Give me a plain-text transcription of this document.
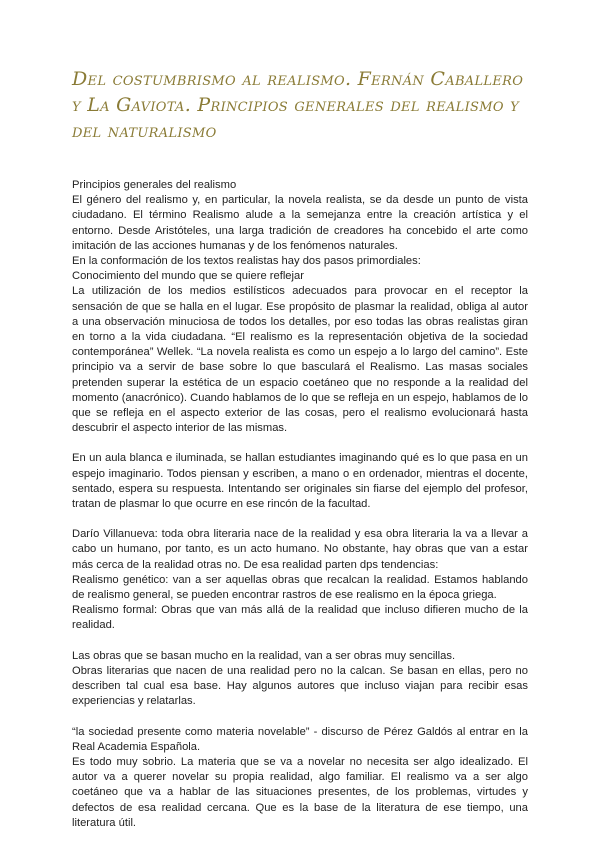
Del costumbrismo al realismo. Fernán Caballero y La Gaviota. Principios generales del realismo y del naturalismo

Principios generales del realismo

El género del realismo y, en particular, la novela realista, se da desde un punto de vista ciudadano. El término Realismo alude a la semejanza entre la creación artística y el entorno. Desde Aristóteles, una larga tradición de creadores ha concebido el arte como imitación de las acciones humanas y de los fenómenos naturales.

En la conformación de los textos realistas hay dos pasos primordiales:

Conocimiento del mundo que se quiere reflejar

La utilización de los medios estilísticos adecuados para provocar en el receptor la sensación de que se halla en el lugar. Ese propósito de plasmar la realidad, obliga al autor a una observación minuciosa de todos los detalles, por eso todas las obras realistas giran en torno a la vida ciudadana. “El realismo es la representación objetiva de la sociedad contemporánea” Wellek. “La novela realista es como un espejo a lo largo del camino”. Este principio va a servir de base sobre lo que basculará el Realismo. Las masas sociales pretenden superar la estética de un espacio coetáneo que no responde a la realidad del momento (anacrónico). Cuando hablamos de lo que se refleja en un espejo, hablamos de lo que se refleja en el aspecto exterior de las cosas, pero el realismo evolucionará hasta descubrir el aspecto interior de las mismas.

En un aula blanca e iluminada, se hallan estudiantes imaginando qué es lo que pasa en un espejo imaginario. Todos piensan y escriben, a mano o en ordenador, mientras el docente, sentado, espera su respuesta. Intentando ser originales sin fiarse del ejemplo del profesor, tratan de plasmar lo que ocurre en ese rincón de la facultad.

Darío Villanueva: toda obra literaria nace de la realidad y esa obra literaria la va a llevar a cabo un humano, por tanto, es un acto humano. No obstante, hay obras que van a estar más cerca de la realidad otras no. De esa realidad parten dps tendencias:

Realismo genético: van a ser aquellas obras que recalcan la realidad. Estamos hablando de realismo general, se pueden encontrar rastros de ese realismo en la época griega.

Realismo formal: Obras que van más allá de la realidad que incluso difieren mucho de la realidad.

Las obras que se basan mucho en la realidad, van a ser obras muy sencillas.

Obras literarias que nacen de una realidad pero no la calcan. Se basan en ellas, pero no describen tal cual esa base. Hay algunos autores que incluso viajan para recibir esas experiencias y relatarlas.

“la sociedad presente como materia novelable” - discurso de Pérez Galdós al entrar en la Real Academia Española.

Es todo muy sobrio. La materia que se va a novelar no necesita ser algo idealizado. El autor va a querer novelar su propia realidad, algo familiar. El realismo va a ser algo coetáneo que va a hablar de las situaciones presentes, de los problemas, virtudes y defectos de esa realidad cercana. Que es la base de la literatura de ese tiempo, una literatura útil.
